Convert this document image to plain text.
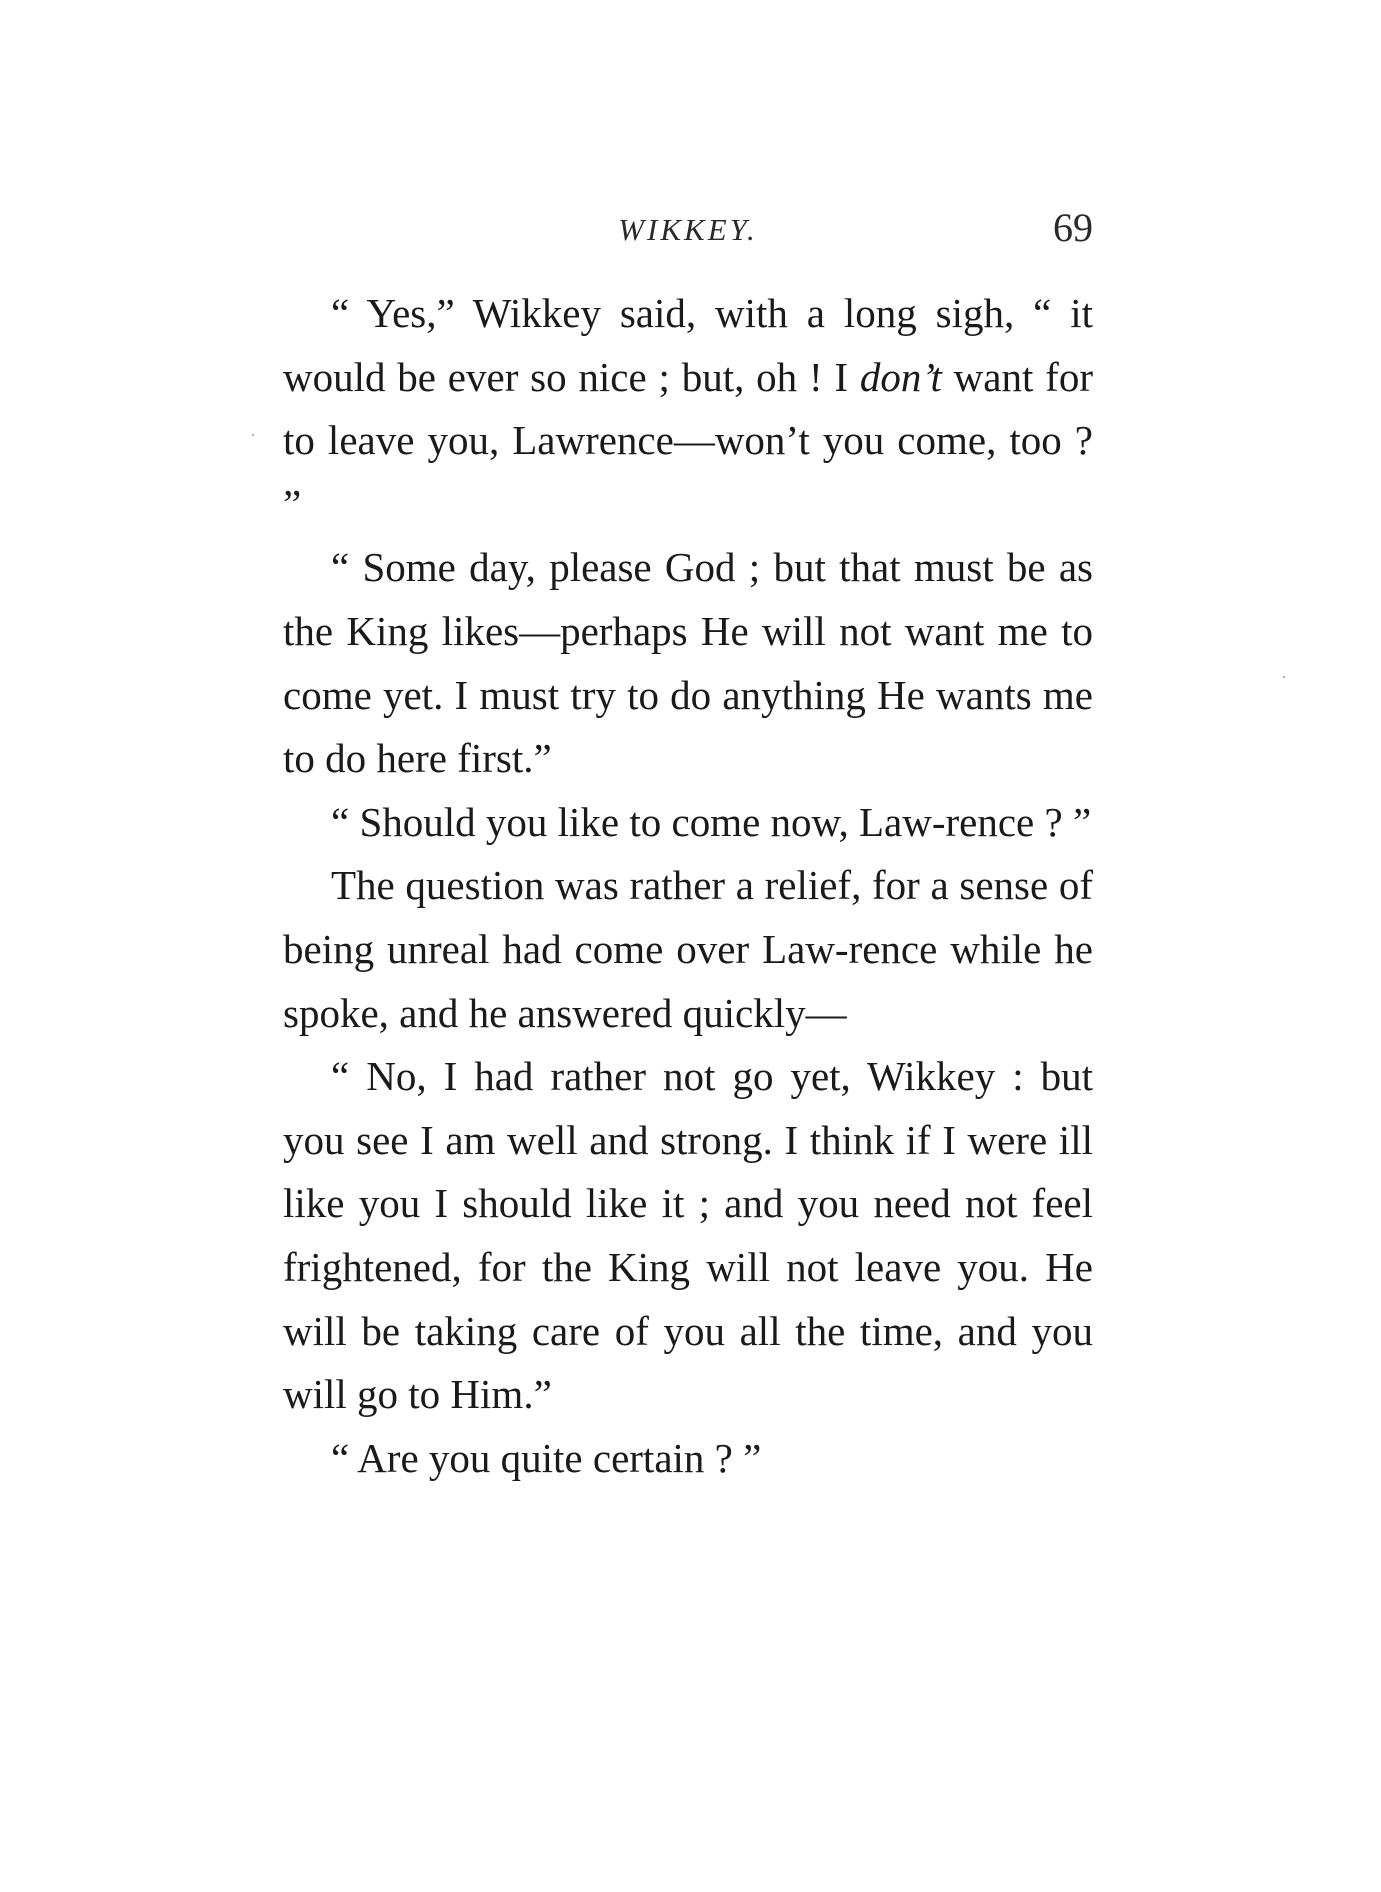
WIKKEY.	69

“ Yes,” Wikkey said, with a long sigh, “ it would be ever so nice ; but, oh ! I don’t want for to leave you, Lawrence—won’t you come, too ? ”

“ Some day, please God ; but that must be as the King likes—perhaps He will not want me to come yet. I must try to do anything He wants me to do here first.”

“ Should you like to come now, Law-rence ? ”

The question was rather a relief, for a sense of being unreal had come over Law-rence while he spoke, and he answered quickly—

“ No, I had rather not go yet, Wikkey : but you see I am well and strong. I think if I were ill like you I should like it ; and you need not feel frightened, for the King will not leave you. He will be taking care of you all the time, and you will go to Him.”

“ Are you quite certain ? ”
